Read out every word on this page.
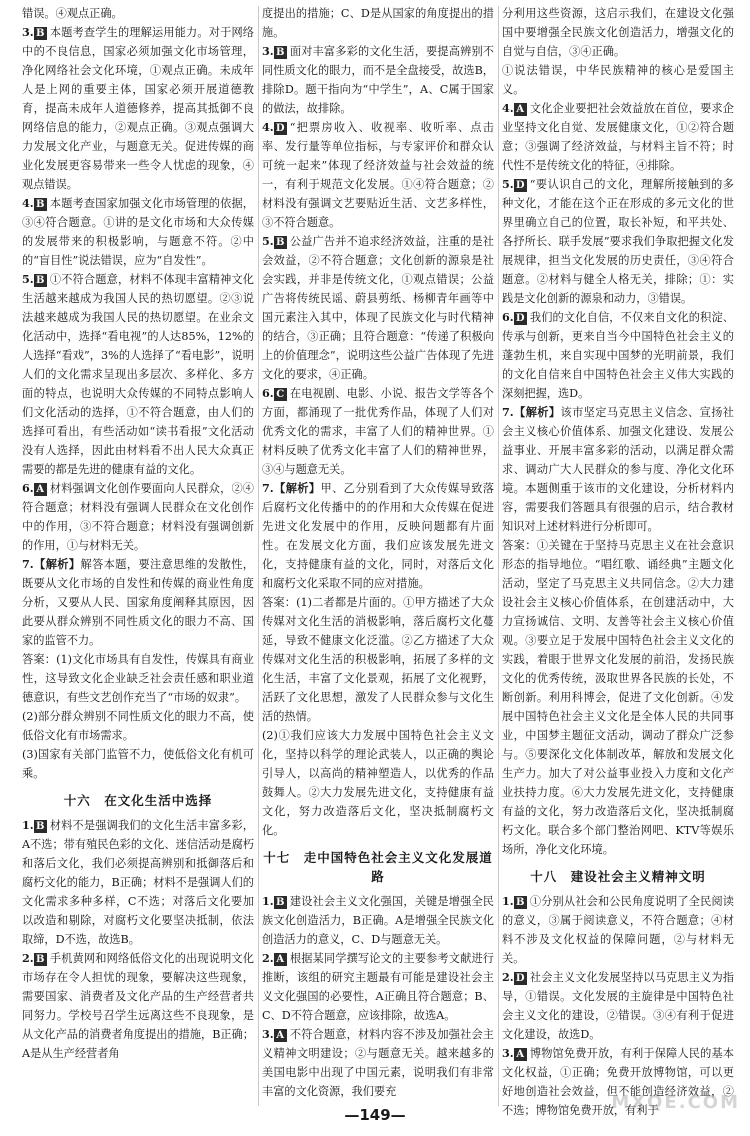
错误。④观点正确。

3. B 本题考查学生的理解运用能力。对于网络中的不良信息，国家必须加强文化市场管理，净化网络社会文化环境，①观点正确。未成年人是上网的重要主体，国家必须开展道德教育，提高未成年人道德修养，提高其抵御不良网络信息的能力，②观点正确。③观点强调大力发展文化产业，与题意无关。促进传媒的商业化发展更容易带来一些令人忧虑的现象，④观点错误。

4. B 本题考查国家加强文化市场管理的依据，③④符合题意。①讲的是文化市场和大众传媒的发展带来的积极影响，与题意不符。②中的“盲目性”说法错误，应为“自发性”。

5. B ①不符合题意，材料不体现丰富精神文化生活越来越成为我国人民的热切愿望。②③说法越来越成为我国人民的热切愿望。在业余文化活动中，选择“看电视”的人达85%，12%的人选择“看戏”，3%的人选择了“看电影”，说明人们的文化需求呈现出多层次、多样化、多方面的特点，也说明大众传媒的不同特点影响人们文化活动的选择，①不符合题意，由人们的选择可看出，有些活动如“读书看报”文化活动没有人选择，因此由材料看不出人民大众真正需要的都是先进的健康有益的文化。

6. A 材料强调文化创作要面向人民群众，②④符合题意；材料没有强调人民群众在文化创作中的作用，③不符合题意；材料没有强调创新的作用，①与材料无关。

7.【解析】解答本题，要注意思维的发散性，既要从文化市场的自发性和传媒的商业性角度分析，又要从人民、国家角度阐释其原因，因此要从群众辨别不同性质文化的眼力不高、国家的监管不力。

答案：(1)文化市场具有自发性，传媒具有商业性，这导致文化企业缺乏社会责任感和职业道德意识，有些文艺创作充当了“市场的奴隶”。

(2)部分群众辨别不同性质文化的眼力不高，使低俗文化有市场需求。

(3)国家有关部门监管不力，使低俗文化有机可乘。

十六　在文化生活中选择

1. B 材料不是强调我们的文化生活丰富多彩，A不选；带有殖民色彩的文化、迷信活动是腐朽和落后文化，我们必须提高辨别和抵御落后和腐朽文化的能力，B正确；材料不是强调人们的文化需求多种多样，C不选；对落后文化要加以改造和剔除，对腐朽文化要坚决抵制，依法取缔，D不选，故选B。

2. B 手机黄网和网络低俗文化的出现说明文化市场存在令人担忧的现象，要解决这些现象，需要国家、消费者及文化产品的生产经营者共同努力。学校号召学生远离这些不良现象，是从文化产品的消费者角度提出的措施，B正确；A是从生产经营者角

度提出的措施；C、D是从国家的角度提出的措施。

3. B 面对丰富多彩的文化生活，要提高辨别不同性质文化的眼力，而不是全盘接受，故选B，排除D。题干指向为“中学生”，A、C属于国家的做法，故排除。

4. D “把票房收入、收视率、收听率、点击率、发行量等单位指标，与专家评价和群众认可统一起来”体现了经济效益与社会效益的统一，有利于规范文化发展。①④符合题意；②材料没有强调文艺要贴近生活、文艺多样性，③不符合题意。

5. B 公益广告并不追求经济效益，注重的是社会效益，②不符合题意；文化创新的源泉是社会实践，并非是传统文化，①观点错误；公益广告将传统民谣、蔚县剪纸、杨柳青年画等中国元素注入其中，体现了民族文化与时代精神的结合，③正确；且符合题意：“传递了积极向上的价值理念”，说明这些公益广告体现了先进文化的要求，④正确。

6. C 在电视剧、电影、小说、报告文学等各个方面，都涌现了一批优秀作品，体现了人们对优秀文化的需求，丰富了人们的精神世界。①材料反映了优秀文化丰富了人们的精神世界，③④与题意无关。

7.【解析】甲、乙分别看到了大众传媒导致落后腐朽文化传播中的的作用和大众传媒在促进先进文化发展中的作用，反映问题都有片面性。在发展文化方面，我们应该发展先进文化，支持健康有益的文化，同时，对落后文化和腐朽文化采取不同的应对措施。

答案：(1)二者都是片面的。①甲方描述了大众传媒对文化生活的消极影响，落后腐朽文化蔓延，导致不健康文化泛滥。②乙方描述了大众传媒对文化生活的积极影响，拓展了多样的文化生活，丰富了文化景观，拓展了文化视野，活跃了文化思想，激发了人民群众参与文化生活的热情。

(2)①我们应该大力发展中国特色社会主义文化，坚持以科学的理论武装人，以正确的舆论引导人，以高尚的精神塑造人，以优秀的作品鼓舞人。②大力发展先进文化，支持健康有益文化，努力改造落后文化，坚决抵制腐朽文化。

十七　走中国特色社会主义文化发展道路

1. B 建设社会主义文化强国，关键是增强全民族文化创造活力，B正确。A是增强全民族文化创造活力的意义，C、D与题意无关。

2. A 根据某同学撰写论文的主要参考文献进行推断，该组的研究主题最有可能是建设社会主义文化强国的必要性，A正确且符合题意；B、C、D不符合题意，应该排除，故选A。

3. A 不符合题意，材料内容不涉及加强社会主义精神文明建设；②与题意无关。越来越多的美国电影中出现了中国元素，说明我们有非常丰富的文化资源，我们要充

分利用这些资源，这启示我们，在建设文化强国中要增强全民族文化创造活力，增强文化的自觉与自信，③④正确。

①说法错误，中华民族精神的核心是爱国主义。

4. A 文化企业要把社会效益放在首位，要求企业坚持文化自觉、发展健康文化，①②符合题意；③强调了经济效益，与材料主旨不符；时代性不是传统文化的特征，④排除。

5. D “要认识自己的文化，理解所接触到的多种文化，才能在这个正在形成的多元文化的世界里确立自己的位置，取长补短，和平共处、各抒所长、联手发展”要求我们争取把握文化发展规律，担当文化发展的历史责任，③④符合题意。②材料与健全人格无关，排除；①：实践是文化创新的源泉和动力，③错误。

6. D 我们的文化自信，不仅来自文化的积淀、传承与创新，更来自当今中国特色社会主义的蓬勃生机，来自实现中国梦的光明前景，我们的文化自信来自中国特色社会主义伟大实践的深刻把握，选D。

7.【解析】该市坚定马克思主义信念、宣扬社会主义核心价值体系、加强文化建设、发展公益事业、开展丰富多彩的活动，以满足群众需求、调动广大人民群众的参与度、净化文化环境。本题侧重于该市的文化建设，分析材料内容，需要我们答题具有很强的启示，结合教材知识对上述材料进行分析即可。

答案：①关键在于坚持马克思主义在社会意识形态的指导地位。“唱红歌、诵经典”主题文化活动，坚定了马克思主义共同信念。②大力建设社会主义核心价值体系，在创建活动中，大力宣扬诚信、文明、友善等社会主义核心价值观。③要立足于发展中国特色社会主义文化的实践，着眼于世界文化发展的前沿，发扬民族文化的优秀传统，汲取世界各民族的长处，不断创新。利用科博会，促进了文化创新。④发展中国特色社会主义文化是全体人民的共同事业，中国梦主题征文活动，调动了群众广泛参与。⑤要深化文化体制改革，解放和发展文化生产力。加大了对公益事业投入力度和文化产业扶持力度。⑥大力发展先进文化，支持健康有益的文化，努力改造落后文化，坚决抵制腐朽文化。联合多个部门整治网吧、KTV等娱乐场所，净化文化环境。

十八　建设社会主义精神文明

1. B ①分别从社会和公民角度说明了全民阅读的意义，③属于阅读意义，不符合题意；④材料不涉及文化权益的保障问题，②与材料无关。

2. D 社会主义文化发展坚持以马克思主义为指导，①错误。文化发展的主旋律是中国特色社会主义文化的建设，②错误。③④有利于促进文化建设，故选D。

3. A 博物馆免费开放，有利于保障人民的基本文化权益，①正确；免费开放博物馆，可以更好地创造社会效益，但不能创造经济效益，②不选；博物馆免费开放，有利于

—149—
MXQE.COM
